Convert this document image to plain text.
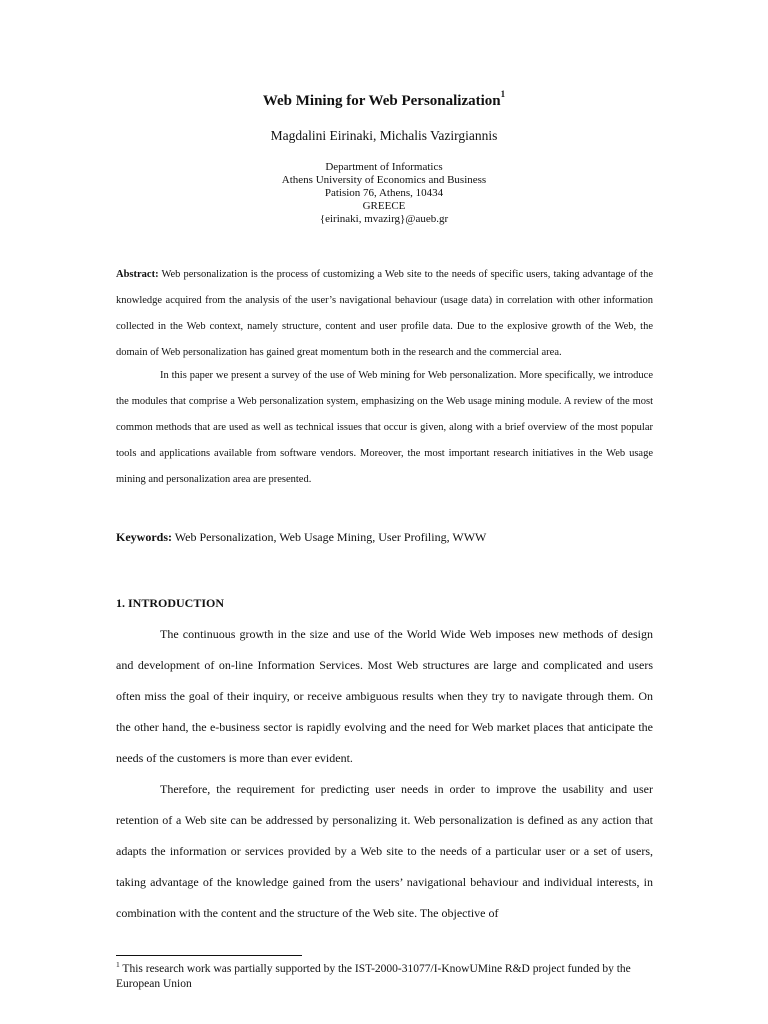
Web Mining for Web Personalization$^1$
Magdalini Eirinaki, Michalis Vazirgiannis
Department of Informatics
Athens University of Economics and Business
Patision 76, Athens, 10434
GREECE
{eirinaki, mvazirg}@aueb.gr

Abstract: Web personalization is the process of customizing a Web site to the needs of specific users, taking advantage of the knowledge acquired from the analysis of the user’s navigational behaviour (usage data) in correlation with other information collected in the Web context, namely structure, content and user profile data. Due to the explosive growth of the Web, the domain of Web personalization has gained great momentum both in the research and the commercial area.

In this paper we present a survey of the use of Web mining for Web personalization. More specifically, we introduce the modules that comprise a Web personalization system, emphasizing on the Web usage mining module. A review of the most common methods that are used as well as technical issues that occur is given, along with a brief overview of the most popular tools and applications available from software vendors. Moreover, the most important research initiatives in the Web usage mining and personalization area are presented.

Keywords: Web Personalization, Web Usage Mining, User Profiling, WWW
1. INTRODUCTION

The continuous growth in the size and use of the World Wide Web imposes new methods of design and development of on-line Information Services. Most Web structures are large and complicated and users often miss the goal of their inquiry, or receive ambiguous results when they try to navigate through them. On the other hand, the e-business sector is rapidly evolving and the need for Web market places that anticipate the needs of the customers is more than ever evident.

Therefore, the requirement for predicting user needs in order to improve the usability and user retention of a Web site can be addressed by personalizing it. Web personalization is defined as any action that adapts the information or services provided by a Web site to the needs of a particular user or a set of users, taking advantage of the knowledge gained from the users’ navigational behaviour and individual interests, in combination with the content and the structure of the Web site. The objective of

$^1$ This research work was partially supported by the IST-2000-31077/I-KnowUMine R&D project funded by the European Union
